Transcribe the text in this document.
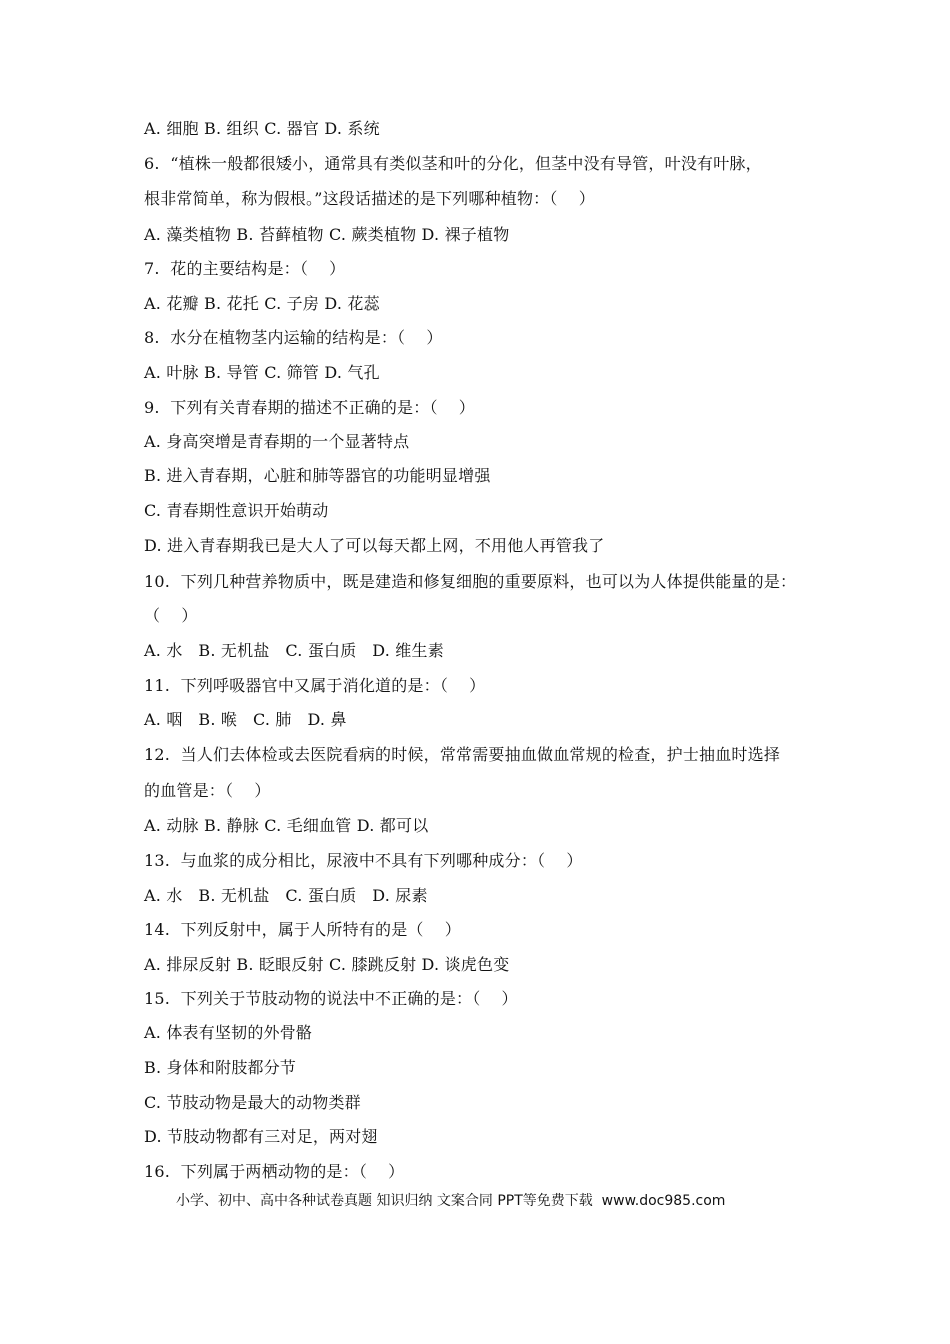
A. 细胞 B. 组织 C. 器官 D. 系统
6.  “植株一般都很矮小，通常具有类似茎和叶的分化，但茎中没有导管，叶没有叶脉，
根非常简单，称为假根。”这段话描述的是下列哪种植物：（    ）
A. 藻类植物 B. 苔藓植物 C. 蕨类植物 D. 裸子植物
7.  花的主要结构是：（    ）
A. 花瓣 B. 花托 C. 子房 D. 花蕊
8.  水分在植物茎内运输的结构是：（    ）
A. 叶脉 B. 导管 C. 筛管 D. 气孔
9.  下列有关青春期的描述不正确的是：（    ）
A. 身高突增是青春期的一个显著特点
B. 进入青春期，心脏和肺等器官的功能明显增强
C. 青春期性意识开始萌动
D. 进入青春期我已是大人了可以每天都上网，不用他人再管我了
10.  下列几种营养物质中，既是建造和修复细胞的重要原料，也可以为人体提供能量的是：
（    ）
A. 水   B. 无机盐   C. 蛋白质   D. 维生素
11.  下列呼吸器官中又属于消化道的是：（    ）
A. 咽   B. 喉   C. 肺   D. 鼻
12.  当人们去体检或去医院看病的时候，常常需要抽血做血常规的检查，护士抽血时选择
的血管是：（    ）
A. 动脉 B. 静脉 C. 毛细血管 D. 都可以
13.  与血浆的成分相比，尿液中不具有下列哪种成分：（    ）
A. 水   B. 无机盐   C. 蛋白质   D. 尿素
14.  下列反射中，属于人所特有的是（    ）
A. 排尿反射 B. 眨眼反射 C. 膝跳反射 D. 谈虎色变
15.  下列关于节肢动物的说法中不正确的是：（    ）
A. 体表有坚韧的外骨骼
B. 身体和附肢都分节
C. 节肢动物是最大的动物类群
D. 节肢动物都有三对足，两对翅
16.  下列属于两栖动物的是：（    ）
小学、初中、高中各种试卷真题 知识归纳 文案合同 PPT等免费下载  www.doc985.com
